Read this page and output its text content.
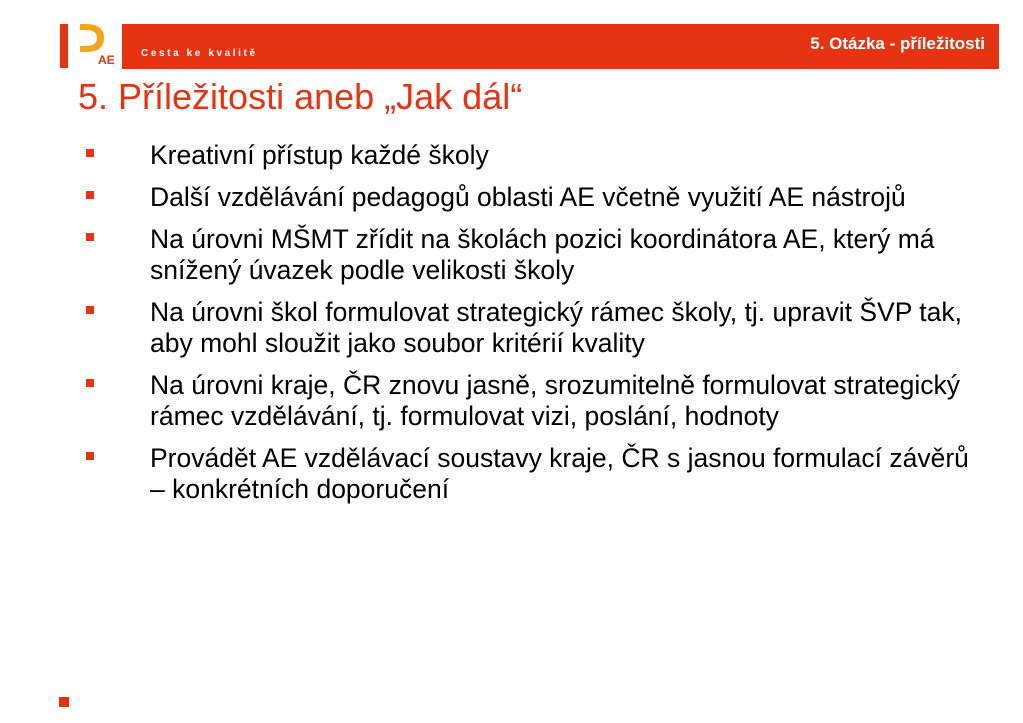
AE	Cesta ke kvalitě
5. Otázka - příležitosti
5. Příležitosti aneb „Jak dál“
Kreativní přístup každé školy
Další vzdělávání pedagogů oblasti AE včetně využití AE nástrojů
Na úrovni MŠMT zřídit na školách pozici koordinátora AE, který má snížený úvazek podle velikosti školy
Na úrovni škol formulovat strategický rámec školy, tj. upravit ŠVP tak, aby mohl sloužit jako soubor kritérií kvality
Na úrovni kraje, ČR znovu jasně, srozumitelně formulovat strategický rámec vzdělávání, tj. formulovat vizi, poslání, hodnoty
Provádět AE vzdělávací soustavy kraje, ČR s jasnou formulací závěrů – konkrétních doporučení
